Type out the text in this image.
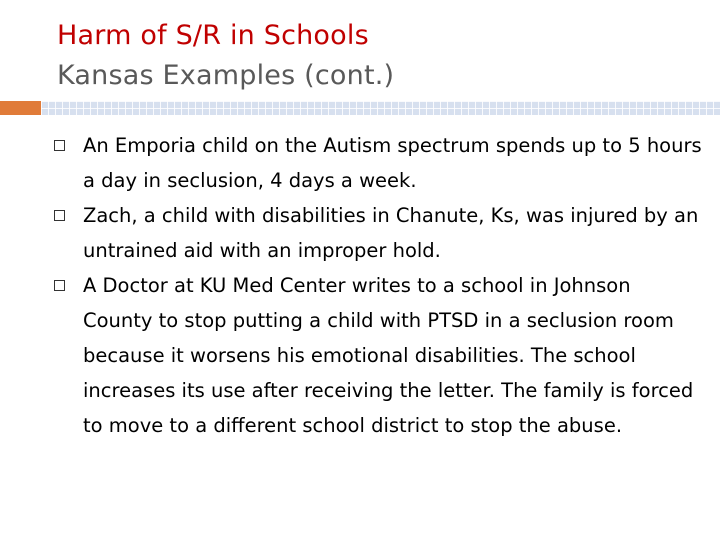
Harm of S/R in Schools
Kansas Examples (cont.)
An Emporia child on the Autism spectrum spends up to 5 hours a day in seclusion, 4 days a week.
Zach, a child with disabilities in Chanute, Ks, was injured by an untrained aid with an improper hold.
A Doctor at KU Med Center writes to a school in Johnson County to stop putting a child with PTSD in a seclusion room because it worsens his emotional disabilities. The school increases its use after receiving the letter. The family is forced to move to a different school district to stop the abuse.
